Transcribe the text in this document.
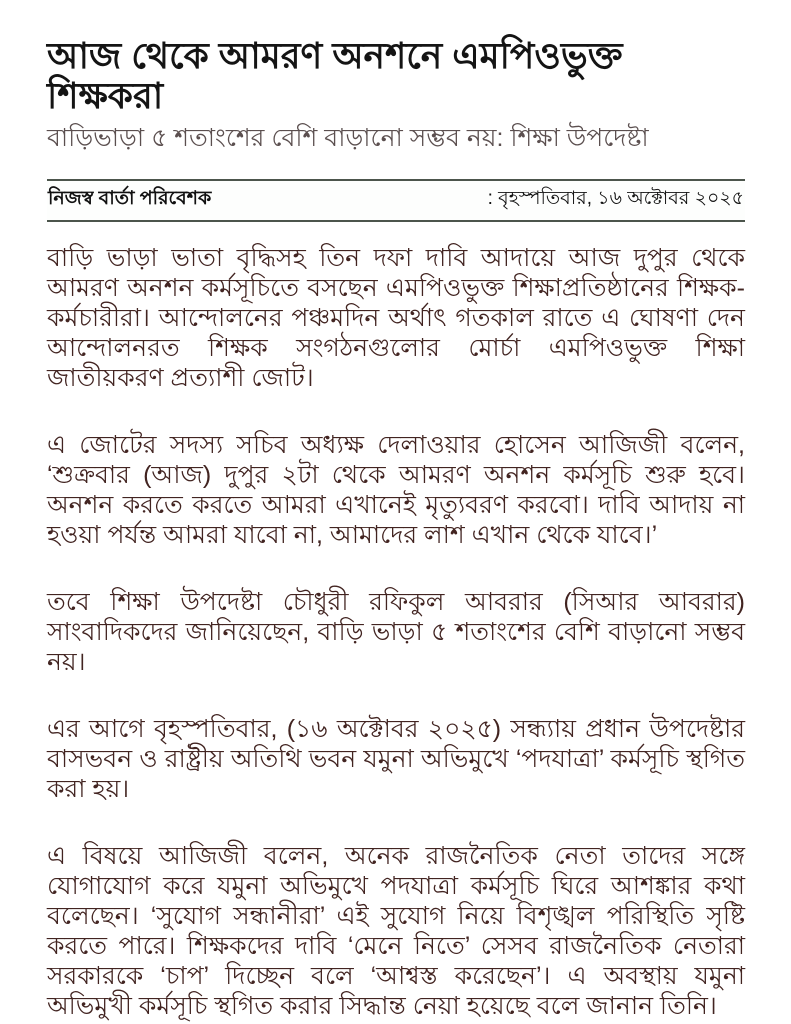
আজ থেকে আমরণ অনশনে এমপিওভুক্ত শিক্ষকরা
বাড়িভাড়া ৫ শতাংশের বেশি বাড়ানো সম্ভব নয়: শিক্ষা উপদেষ্টা
নিজস্ব বার্তা পরিবেশক	: বৃহস্পতিবার, ১৬ অক্টোবর ২০২৫

বাড়ি ভাড়া ভাতা বৃদ্ধিসহ তিন দফা দাবি আদায়ে আজ দুপুর থেকে আমরণ অনশন কর্মসূচিতে বসছেন এমপিওভুক্ত শিক্ষাপ্রতিষ্ঠানের শিক্ষক-কর্মচারীরা। আন্দোলনের পঞ্চমদিন অর্থাৎ গতকাল রাতে এ ঘোষণা দেন আন্দোলনরত শিক্ষক সংগঠনগুলোর মোর্চা এমপিওভুক্ত শিক্ষা জাতীয়করণ প্রত্যাশী জোট।

এ জোটের সদস্য সচিব অধ্যক্ষ দেলাওয়ার হোসেন আজিজী বলেন, ‘শুক্রবার (আজ) দুপুর ২টা থেকে আমরণ অনশন কর্মসূচি শুরু হবে। অনশন করতে করতে আমরা এখানেই মৃত্যুবরণ করবো। দাবি আদায় না হওয়া পর্যন্ত আমরা যাবো না, আমাদের লাশ এখান থেকে যাবে।’

তবে শিক্ষা উপদেষ্টা চৌধুরী রফিকুল আবরার (সিআর আবরার) সাংবাদিকদের জানিয়েছেন, বাড়ি ভাড়া ৫ শতাংশের বেশি বাড়ানো সম্ভব নয়।

এর আগে বৃহস্পতিবার, (১৬ অক্টোবর ২০২৫) সন্ধ্যায় প্রধান উপদেষ্টার বাসভবন ও রাষ্ট্রীয় অতিথি ভবন যমুনা অভিমুখে ‘পদযাত্রা’ কর্মসূচি স্থগিত করা হয়।

এ বিষয়ে আজিজী বলেন, অনেক রাজনৈতিক নেতা তাদের সঙ্গে যোগাযোগ করে যমুনা অভিমুখে পদযাত্রা কর্মসূচি ঘিরে আশঙ্কার কথা বলেছেন। ‘সুযোগ সন্ধানীরা’ এই সুযোগ নিয়ে বিশৃঙ্খল পরিস্থিতি সৃষ্টি করতে পারে। শিক্ষকদের দাবি ‘মেনে নিতে’ সেসব রাজনৈতিক নেতারা সরকারকে ‘চাপ’ দিচ্ছেন বলে ‘আশ্বস্ত করেছেন’। এ অবস্থায় যমুনা অভিমুখী কর্মসূচি স্থগিত করার সিদ্ধান্ত নেয়া হয়েছে বলে জানান তিনি।
